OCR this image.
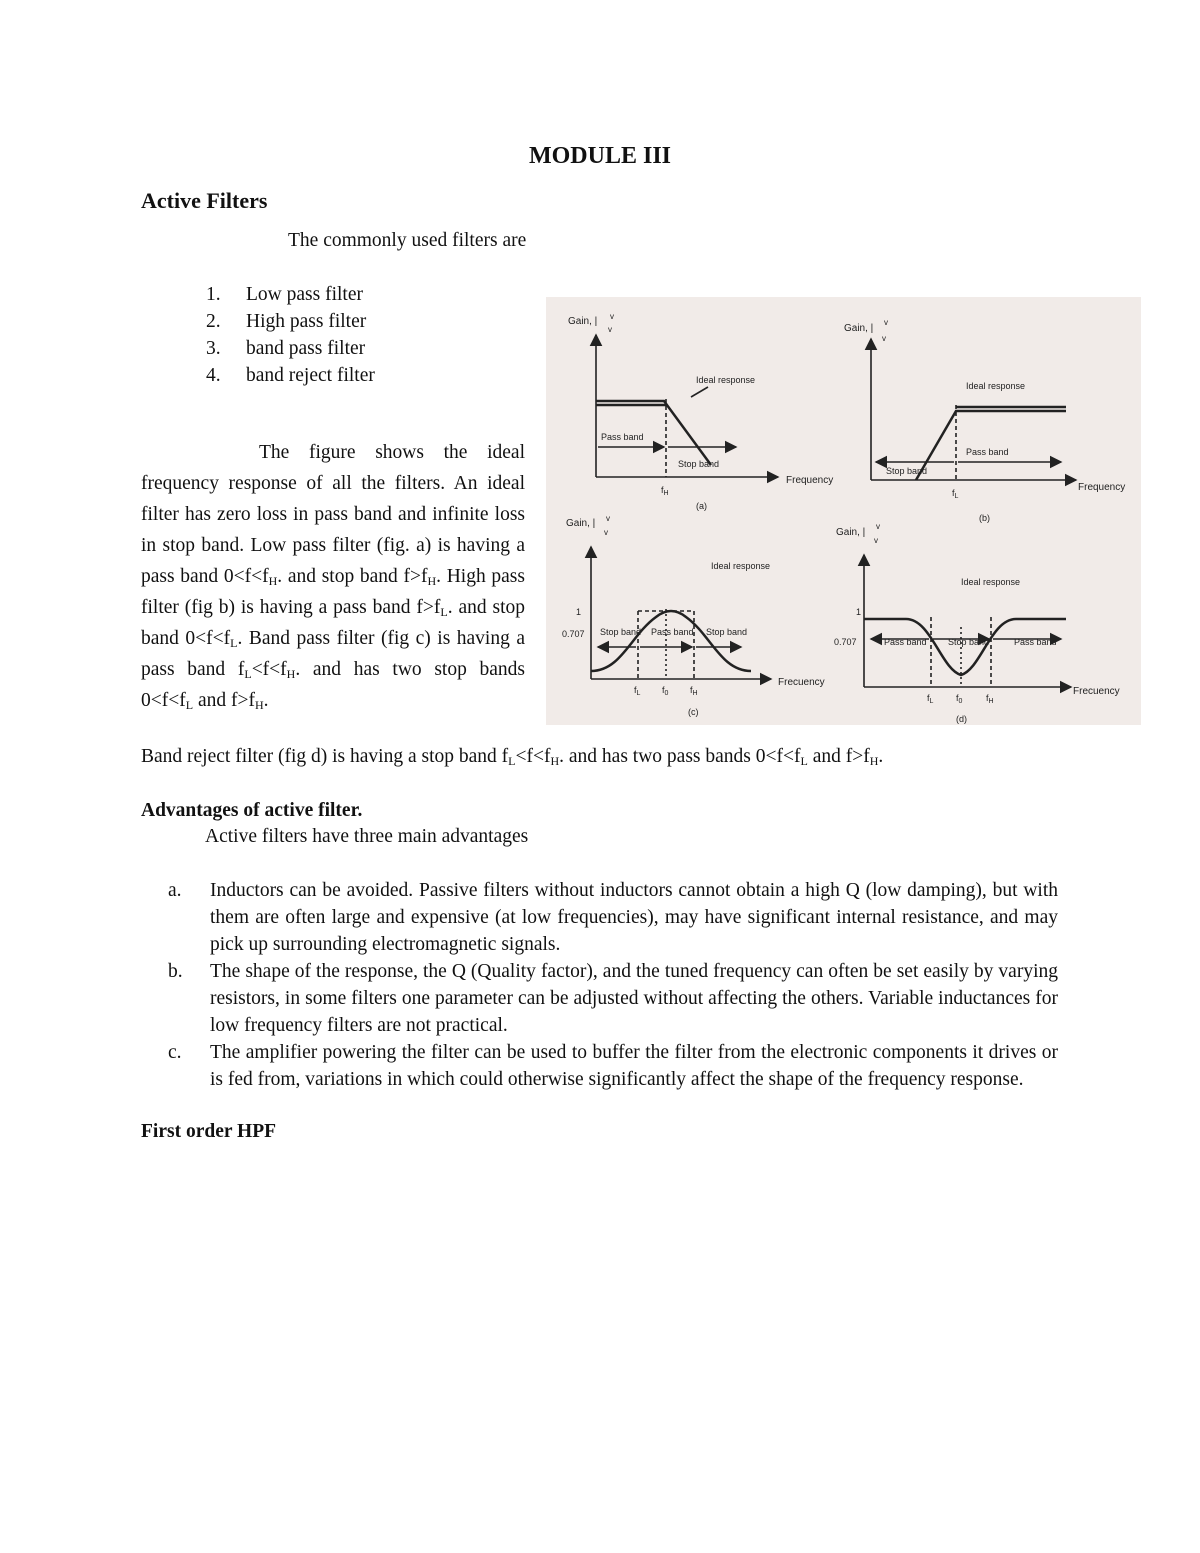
MODULE III
Active Filters
The commonly used filters are
1. Low pass filter
2. High pass filter
3. band pass filter
4. band reject filter
The figure shows the ideal frequency response of all the filters. An ideal filter has zero loss in pass band and infinite loss in stop band. Low pass filter (fig. a) is having a pass band $0<f<f_H$. and stop band $f>f_H$. High pass filter (fig b) is having a pass band $f>f_L$. and stop band $0<f<f_L$. Band pass filter (fig c) is having a pass band $f_L<f<f_H$. and has two stop bands $0<f<f_L$ and $f>f_H$.
Band reject filter (fig d) is having a stop band $f_L<f<f_H$. and has two pass bands $0<f<f_L$ and $f>f_H$.
Gain, | v
v
Ideal response
Pass band
Stop band
$f_H$
Frequency
(a)
Gain, |
v
v
Ideal response
Stop band
Pass band
$f_L$
Frequency
(b)
Gain, | v
v
Ideal response
1
0.707 Stop band Pass band Stop band
$f_L$ $f_0$ $f_H$
Frecuency
(c)
Gain, |
v
v
Ideal response
1
0.707	Pass band Stop band	Pass band
$f_L$	$f_0$	$f_H$
Frecuency
(d)
Advantages of active filter.
Active filters have three main advantages
a. Inductors can be avoided. Passive filters without inductors cannot obtain a high Q (low damping), but with them are often large and expensive (at low frequencies), may have significant internal resistance, and may pick up surrounding electromagnetic signals.
b. The shape of the response, the Q (Quality factor), and the tuned frequency can often be set easily by varying resistors, in some filters one parameter can be adjusted without affecting the others. Variable inductances for low frequency filters are not practical.
c. The amplifier powering the filter can be used to buffer the filter from the electronic components it drives or is fed from, variations in which could otherwise significantly affect the shape of the frequency response.
First order HPF
